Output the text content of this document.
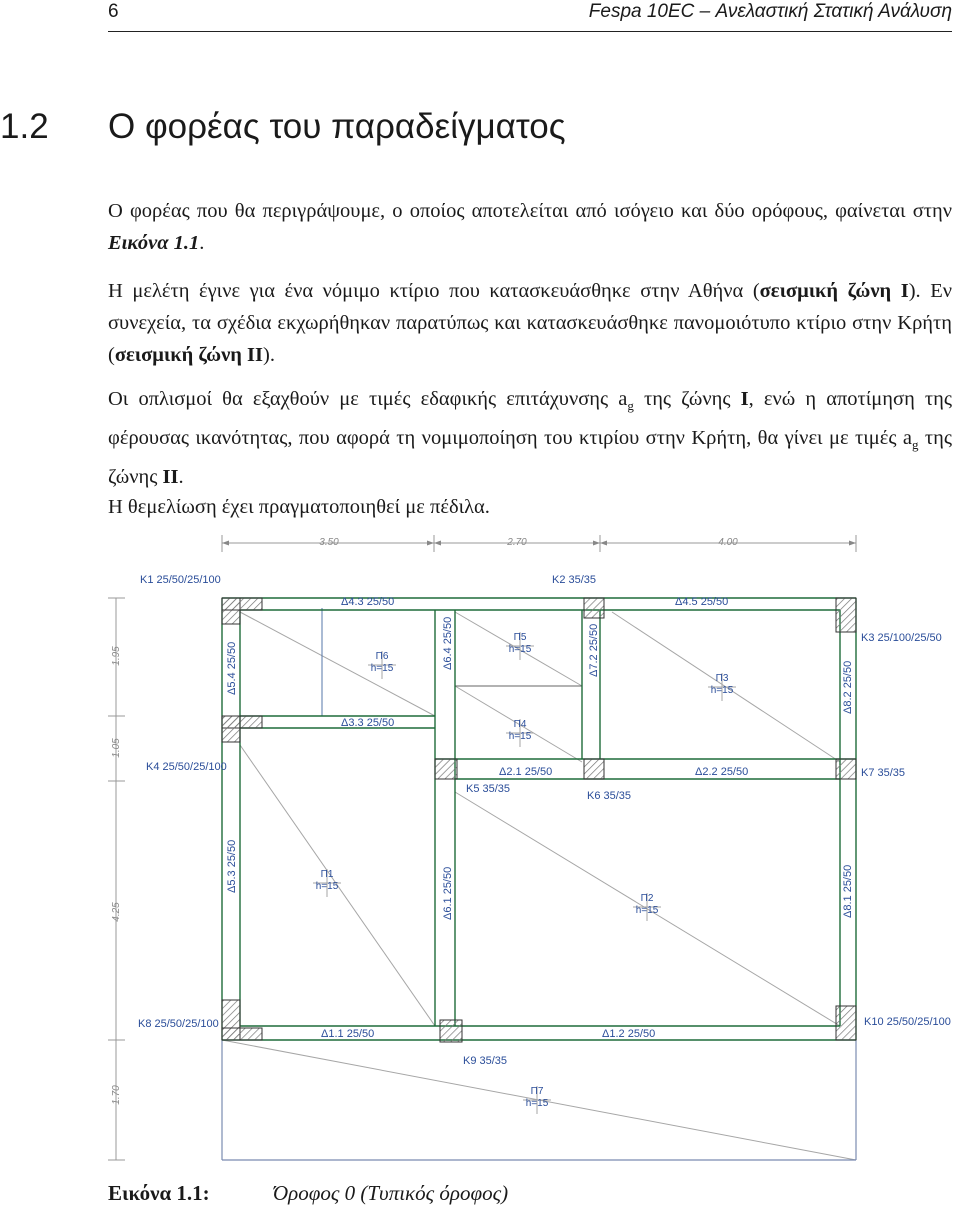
6	Fespa 10EC – Ανελαστική Στατική Ανάλυση
1.2 Ο φορέας του παραδείγματος

Ο φορέας που θα περιγράψουμε, ο οποίος αποτελείται από ισόγειο και δύο ορόφους, φαίνεται στην Εικόνα 1.1.

Η μελέτη έγινε για ένα νόμιμο κτίριο που κατασκευάσθηκε στην Αθήνα (σεισμική ζώνη Ι). Εν συνεχεία, τα σχέδια εκχωρήθηκαν παρατύπως και κατασκευάσθηκε πανομοιότυπο κτίριο στην Κρήτη (σεισμική ζώνη ΙΙ).

Οι οπλισμοί θα εξαχθούν με τιμές εδαφικής επιτάχυνσης $a_g$ της ζώνης Ι, ενώ η αποτίμηση της φέρουσας ικανότητας, που αφορά τη νομιμοποίηση του κτιρίου στην Κρήτη, θα γίνει με τιμές $a_g$ της ζώνης ΙΙ.

Η θεμελίωση έχει πραγματοποιηθεί με πέδιλα.

3.50	2.70	4.00
1.95
1.05
4.25
1.70
Κ1 25/50/25/100	Κ2 35/35
Κ3 25/100/25/50
Κ4 25/50/25/100
Κ5 35/35
Κ6 35/35
Κ7 35/35
Κ8 25/50/25/100
Κ9 35/35
Κ10 25/50/25/100
Δ4.3 25/50	Δ4.5 25/50
Δ3.3 25/50
Δ2.1 25/50	Δ2.2 25/50
Δ1.1 25/50	Δ1.2 25/50
Δ5.4 25/50
Δ5.3 25/50
Δ6.4 25/50
Δ6.1 25/50
Δ7.2 25/50
Δ8.2 25/50
Δ8.1 25/50
Π6
h=15
Π5
h=15
Π4
h=15
Π3
h=15
Π1
h=15
Π2
h=15
Π7
h=15
Εικόνα 1.1:	Όροφος 0 (Τυπικός όροφος)
